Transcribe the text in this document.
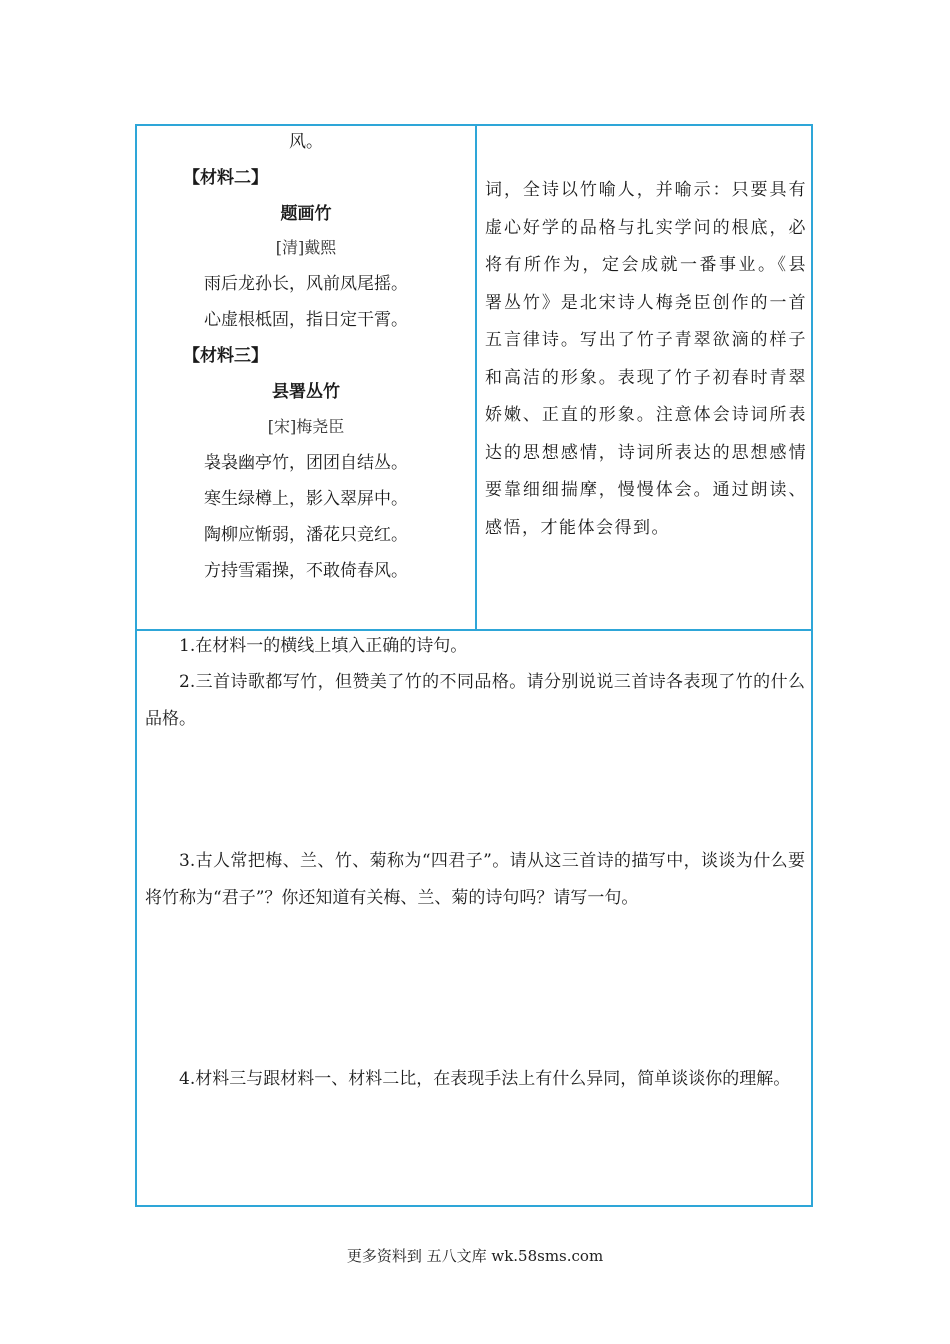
风。
【材料二】
题画竹
[清]戴熙
雨后龙孙长，风前凤尾摇。
心虚根柢固，指日定干霄。
【材料三】
县署丛竹
[宋]梅尧臣
袅袅幽亭竹，团团自结丛。
寒生绿樽上，影入翠屏中。
陶柳应惭弱，潘花只竞红。
方持雪霜操，不敢倚春风。
词，全诗以竹喻人，并喻示：只要具有虚心好学的品格与扎实学问的根底，必将有所作为，定会成就一番事业。《县署丛竹》是北宋诗人梅尧臣创作的一首五言律诗。写出了竹子青翠欲滴的样子和高洁的形象。表现了竹子初春时青翠娇嫩、正直的形象。注意体会诗词所表达的思想感情，诗词所表达的思想感情要靠细细揣摩，慢慢体会。通过朗读、感悟，才能体会得到。
1.在材料一的横线上填入正确的诗句。
2.三首诗歌都写竹，但赞美了竹的不同品格。请分别说说三首诗各表现了竹的什么品格。
3.古人常把梅、兰、竹、菊称为“四君子”。请从这三首诗的描写中，谈谈为什么要将竹称为“君子”？你还知道有关梅、兰、菊的诗句吗？请写一句。
4.材料三与跟材料一、材料二比，在表现手法上有什么异同，简单谈谈你的理解。
更多资料到 五八文库 wk.58sms.com
